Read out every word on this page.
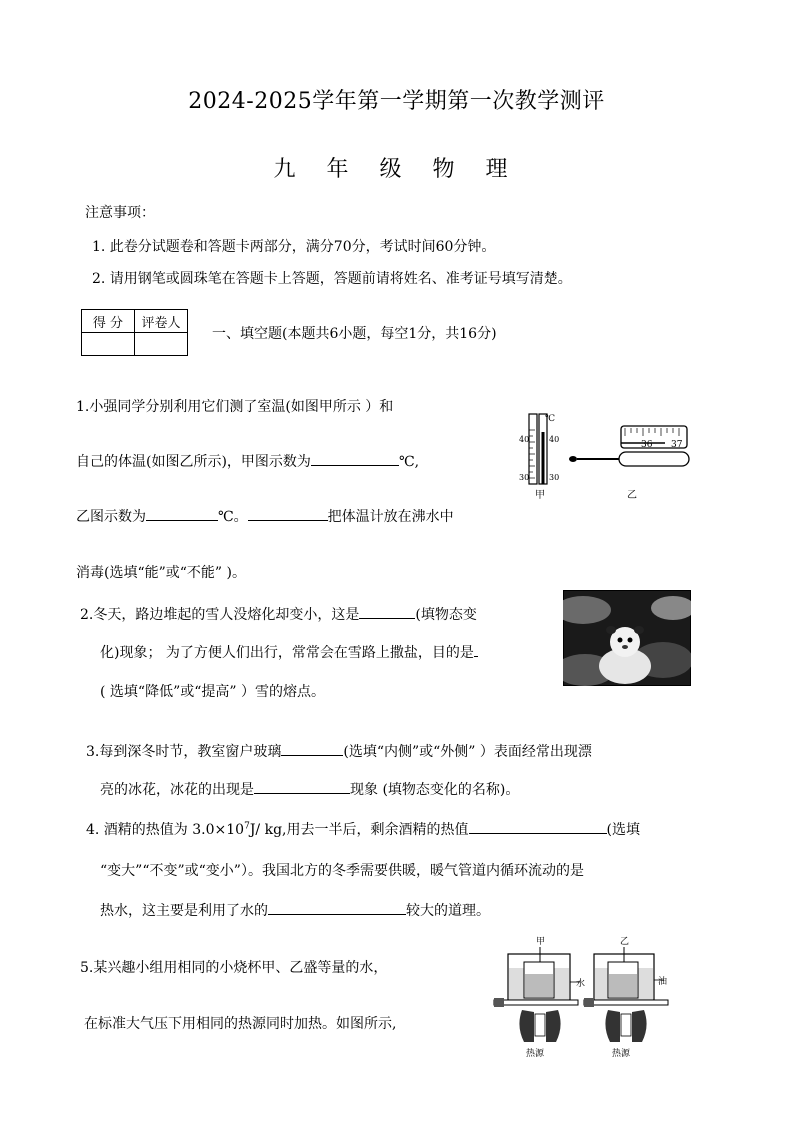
2024-2025学年第一学期第一次教学测评
九 年 级 物 理
注意事项：
1. 此卷分试题卷和答题卡两部分，满分70分，考试时间60分钟。
2. 请用钢笔或圆珠笔在答题卡上答题，答题前请将姓名、准考证号填写清楚。
得 分	评卷人

一、填空题(本题共6小题，每空1分，共16分)
1.小强同学分别利用它们测了室温(如图甲所示 ）和
自己的体温(如图乙所示)，甲图示数为	℃,
乙图示数为	℃。	把体温计放在沸水中
消毒(选填“能”或“不能” )。
℃
40
30
40
30
甲
36 37
乙
2.冬天，路边堆起的雪人没熔化却变小，这是	(填物态变
化)现象； 为了方便人们出行，常常会在雪路上撒盐，目的是
( 选填“降低”或“提高” ）雪的熔点。
3.每到深冬时节，教室窗户玻璃	(选填“内侧”或“外侧” ）表面经常出现漂
亮的冰花，冰花的出现是	现象 (填物态变化的名称)。
4. 酒精的热值为 $3.0\times 10^7J/$ kg,用去一半后，剩余酒精的热值	(选填
“变大”“不变”或“变小”）。我国北方的冬季需要供暖，暖气管道内循环流动的是
热水，这主要是利用了水的	较大的道理。
5.某兴趣小组用相同的小烧杯甲、乙盛等量的水，
在标准大气压下用相同的热源同时加热。如图所示,
甲
水
热源
乙
油
热源
